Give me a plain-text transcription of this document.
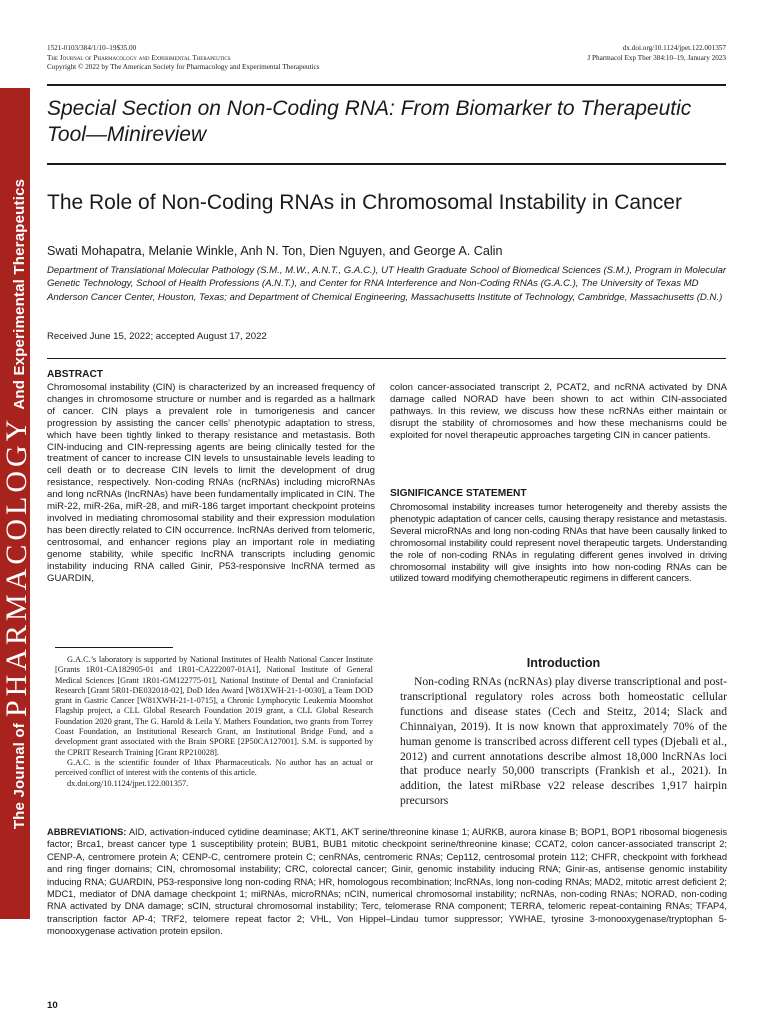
The Journal ofPHARMACOLOGYAnd Experimental Therapeutics
1521-0103/384/1/10–19$35.00
The Journal of Pharmacology and Experimental Therapeutics
Copyright © 2022 by The American Society for Pharmacology and Experimental Therapeutics
dx.doi.org/10.1124/jpet.122.001357
J Pharmacol Exp Ther 384:10–19, January 2023
Special Section on Non-Coding RNA: From Biomarker to Therapeutic Tool—Minireview
The Role of Non-Coding RNAs in Chromosomal Instability in Cancer
Swati Mohapatra, Melanie Winkle, Anh N. Ton, Dien Nguyen, and George A. Calin
Department of Translational Molecular Pathology (S.M., M.W., A.N.T., G.A.C.), UT Health Graduate School of Biomedical Sciences (S.M.), Program in Molecular Genetic Technology, School of Health Professions (A.N.T.), and Center for RNA Interference and Non-Coding RNAs (G.A.C.), The University of Texas MD Anderson Cancer Center, Houston, Texas; and Department of Chemical Engineering, Massachusetts Institute of Technology, Cambridge, Massachusetts (D.N.)
Received June 15, 2022; accepted August 17, 2022
ABSTRACT
Chromosomal instability (CIN) is characterized by an increased frequency of changes in chromosome structure or number and is regarded as a hallmark of cancer. CIN plays a prevalent role in tumorigenesis and cancer progression by assisting the cancer cells’ phenotypic adaptation to stress, which have been tightly linked to therapy resistance and metastasis. Both CIN-inducing and CIN-repressing agents are being clinically tested for the treatment of cancer to increase CIN levels to unsustainable levels leading to cell death or to decrease CIN levels to limit the development of drug resistance, respectively. Non-coding RNAs (ncRNAs) including microRNAs and long ncRNAs (lncRNAs) have been fundamentally implicated in CIN. The miR-22, miR-26a, miR-28, and miR-186 target important checkpoint proteins involved in mediating chromosomal stability and their expression modulation has been directly related to CIN occurrence. lncRNAs derived from telomeric, centrosomal, and enhancer regions play an important role in mediating genome stability, while specific lncRNA transcripts including genomic instability inducing RNA called Ginir, P53-responsive lncRNA termed as GUARDIN,
colon cancer-associated transcript 2, PCAT2, and ncRNA activated by DNA damage called NORAD have been shown to act within CIN-associated pathways. In this review, we discuss how these ncRNAs either maintain or disrupt the stability of chromosomes and how these mechanisms could be exploited for novel therapeutic approaches targeting CIN in cancer patients.
SIGNIFICANCE STATEMENT
Chromosomal instability increases tumor heterogeneity and thereby assists the phenotypic adaptation of cancer cells, causing therapy resistance and metastasis. Several microRNAs and long non-coding RNAs that have been causally linked to chromosomal instability could represent novel therapeutic targets. Understanding the role of non-coding RNAs in regulating different genes involved in driving chromosomal instability will give insights into how non-coding RNAs can be utilized toward modifying chemotherapeutic regimens in different cancers.

G.A.C.’s laboratory is supported by National Institutes of Health National Cancer Institute [Grants 1R01-CA182905-01 and 1R01-CA222007-01A1], National Institute of General Medical Sciences [Grant 1R01-GM122775-01], National Institute of Dental and Craniofacial Research [Grant 5R01-DE032018-02], DoD Idea Award [W81XWH-21-1-0030], a Team DOD grant in Gastric Cancer [W81XWH-21-1-0715], a Chronic Lymphocytic Leukemia Moonshot Flagship project, a CLL Global Research Foundation 2019 grant, a CLL Global Research Foundation 2020 grant, The G. Harold & Leila Y. Mathers Foundation, two grants from Torrey Coast Foundation, an Institutional Research Grant, an Institutional Bridge Fund, and a development grant associated with the Brain SPORE [2P50CA127001]. S.M. is supported by the CPRIT Research Training [Grant RP210028].

G.A.C. is the scientific founder of Ithax Pharmaceuticals. No author has an actual or perceived conflict of interest with the contents of this article.

dx.doi.org/10.1124/jpet.122.001357.

Introduction
Non-coding RNAs (ncRNAs) play diverse transcriptional and post-transcriptional regulatory roles across both homeostatic cellular functions and disease states (Cech and Steitz, 2014; Slack and Chinnaiyan, 2019). It is now known that approximately 70% of the human genome is transcribed across different cell types (Djebali et al., 2012) and current annotations describe almost 18,000 lncRNAs loci that produce nearly 50,000 transcripts (Frankish et al., 2021). In addition, the latest miRbase v22 release describes 1,917 hairpin precursors
ABBREVIATIONS: AID, activation-induced cytidine deaminase; AKT1, AKT serine/threonine kinase 1; AURKB, aurora kinase B; BOP1, BOP1 ribosomal biogenesis factor; Brca1, breast cancer type 1 susceptibility protein; BUB1, BUB1 mitotic checkpoint serine/threonine kinase; CCAT2, colon cancer-associated transcript 2; CENP-A, centromere protein A; CENP-C, centromere protein C; cenRNAs, centromeric RNAs; Cep112, centrosomal protein 112; CHFR, checkpoint with forkhead and ring finger domains; CIN, chromosomal instability; CRC, colorectal cancer; Ginir, genomic instability inducing RNA; Ginir-as, antisense genomic instability inducing RNA; GUARDIN, P53-responsive long non-coding RNA; HR, homologous recombination; lncRNAs, long non-coding RNAs; MAD2, mitotic arrest deficient 2; MDC1, mediator of DNA damage checkpoint 1; miRNAs, microRNAs; nCIN, numerical chromosomal instability; ncRNAs, non-coding RNAs; NORAD, non-coding RNA activated by DNA damage; sCIN, structural chromosomal instability; Terc, telomerase RNA component; TERRA, telomeric repeat-containing RNAs; TFAP4, transcription factor AP-4; TRF2, telomere repeat factor 2; VHL, Von Hippel–Lindau tumor suppressor; YWHAE, tyrosine 3-monooxygenase/tryptophan 5-monooxygenase activation protein epsilon.
10
